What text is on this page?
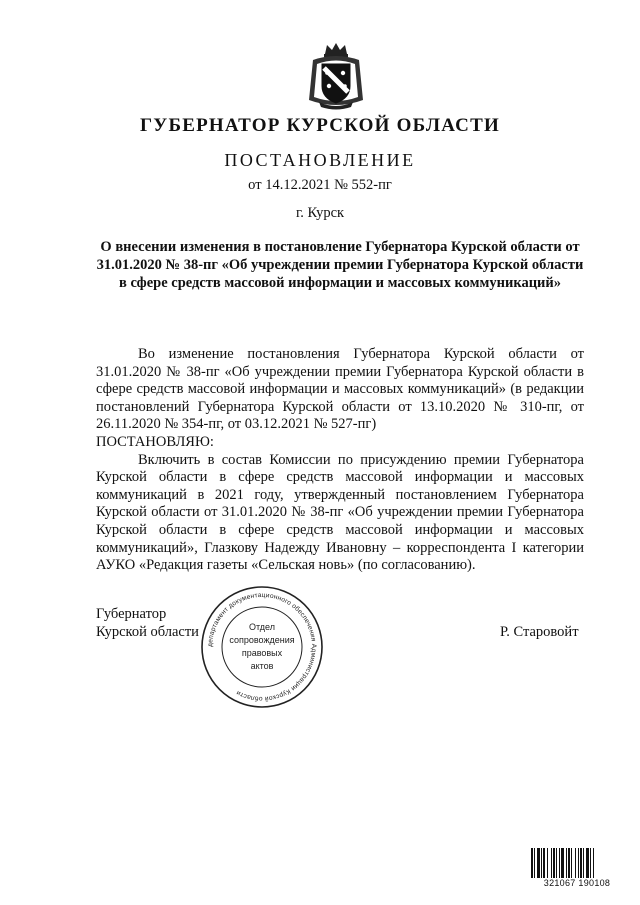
ГУБЕРНАТОР КУРСКОЙ ОБЛАСТИ
ПОСТАНОВЛЕНИЕ
от 14.12.2021 № 552-пг
г. Курск
О внесении изменения в постановление Губернатора Курской области от 31.01.2020 № 38-пг «Об учреждении премии Губернатора Курской области в сфере средств массовой информации и массовых коммуникаций»

Во изменение постановления Губернатора Курской области от 31.01.2020 № 38-пг «Об учреждении премии Губернатора Курской области в сфере средств массовой информации и массовых коммуникаций» (в редакции постановлений Губернатора Курской области от 13.10.2020 № 310-пг, от 26.11.2020 № 354-пг, от 03.12.2021 № 527-пг)

ПОСТАНОВЛЯЮ:

Включить в состав Комиссии по присуждению премии Губернатора Курской области в сфере средств массовой информации и массовых коммуникаций в 2021 году, утвержденный постановлением Губернатора Курской области от 31.01.2020 № 38-пг «Об учреждении премии Губернатора Курской области в сфере средств массовой информации и массовых коммуникаций», Глазкову Надежду Ивановну – корреспондента I категории АУКО «Редакция газеты «Сельская новь» (по согласованию).

Губернатор
Курской области	Р. Старовойт
департамент документационного обеспечения Администрации Курской области
Отдел
сопровождения
правовых
актов
321067 190108
